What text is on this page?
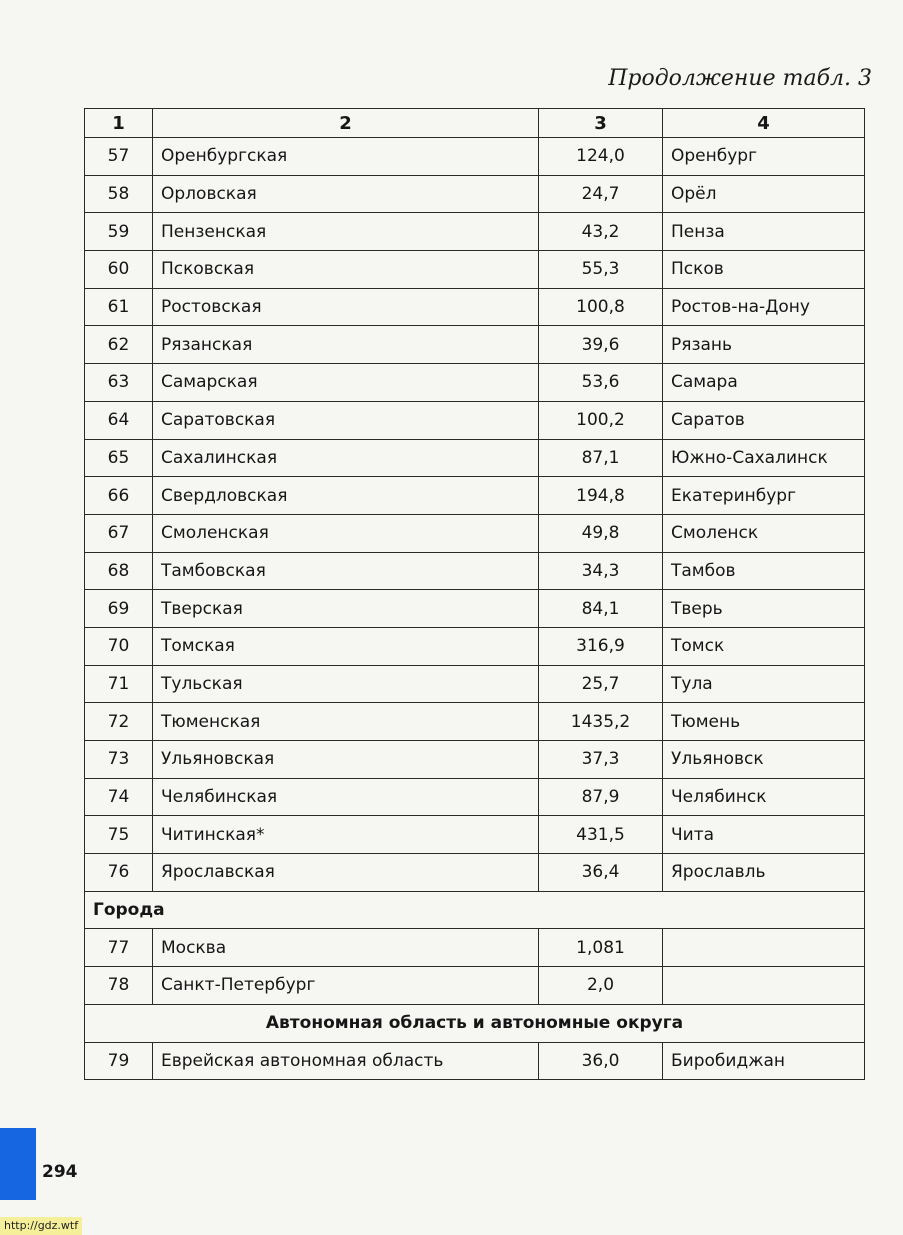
Продолжение табл. 3
1	2	3	4
57	Оренбургская	124,0	Оренбург
58	Орловская	24,7	Орёл
59	Пензенская	43,2	Пенза
60	Псковская	55,3	Псков
61	Ростовская	100,8	Ростов-на-Дону
62	Рязанская	39,6	Рязань
63	Самарская	53,6	Самара
64	Саратовская	100,2	Саратов
65	Сахалинская	87,1	Южно-Сахалинск
66	Свердловская	194,8	Екатеринбург
67	Смоленская	49,8	Смоленск
68	Тамбовская	34,3	Тамбов
69	Тверская	84,1	Тверь
70	Томская	316,9	Томск
71	Тульская	25,7	Тула
72	Тюменская	1435,2	Тюмень
73	Ульяновская	37,3	Ульяновск
74	Челябинская	87,9	Челябинск
75	Читинская*	431,5	Чита
76	Ярославская	36,4	Ярославль
Города			
77	Москва	1,081	
78	Санкт-Петербург	2,0	
Автономная область и автономные округа			
79	Еврейская автономная область	36,0	Биробиджан
294
http://gdz.wtf
